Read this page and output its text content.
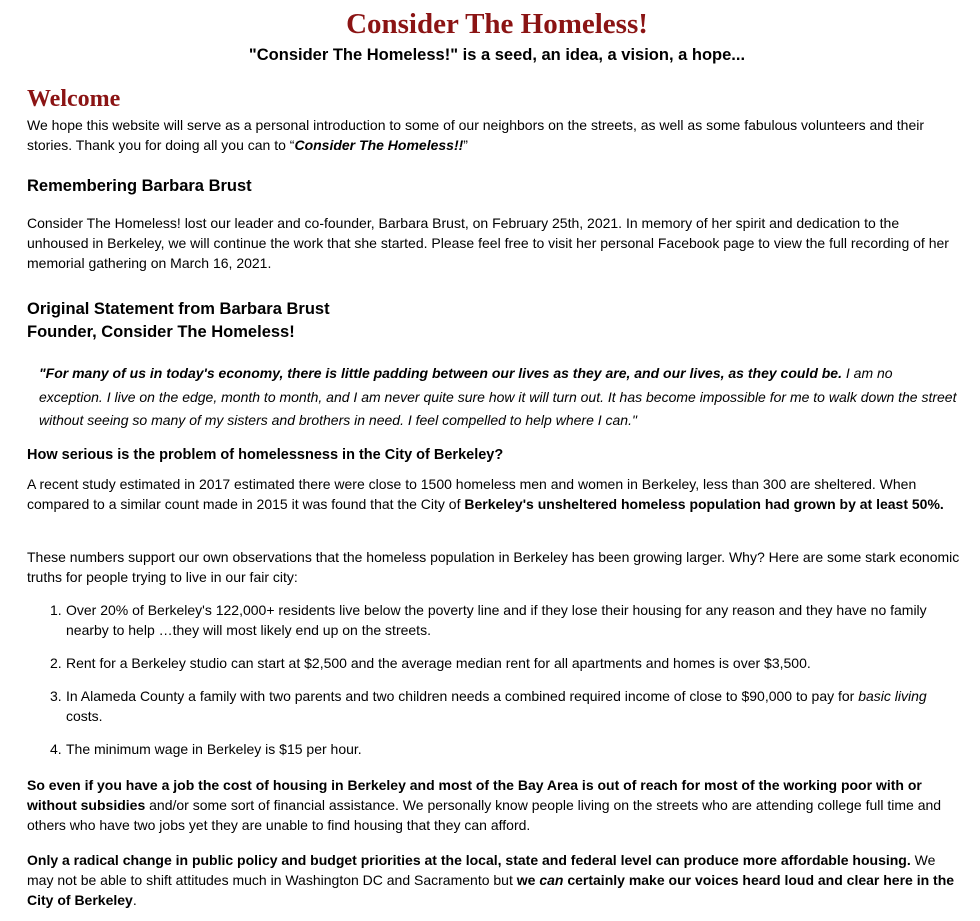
Consider The Homeless!
"Consider The Homeless!" is a seed, an idea, a vision, a hope...
Welcome

We hope this website will serve as a personal introduction to some of our neighbors on the streets, as well as some fabulous volunteers and their stories. Thank you for doing all you can to “Consider The Homeless!!”

Remembering Barbara Brust

Consider The Homeless! lost our leader and co-founder, Barbara Brust, on February 25th, 2021. In memory of her spirit and dedication to the unhoused in Berkeley, we will continue the work that she started. Please feel free to visit her personal Facebook page to view the full recording of her memorial gathering on March 16, 2021.

Original Statement from Barbara Brust
Founder, Consider The Homeless!

"For many of us in today's economy, there is little padding between our lives as they are, and our lives, as they could be. I am no exception. I live on the edge, month to month, and I am never quite sure how it will turn out. It has become impossible for me to walk down the street without seeing so many of my sisters and brothers in need. I feel compelled to help where I can."

How serious is the problem of homelessness in the City of Berkeley?

A recent study estimated in 2017 estimated there were close to 1500 homeless men and women in Berkeley, less than 300 are sheltered. When compared to a similar count made in 2015 it was found that the City of Berkeley's unsheltered homeless population had grown by at least 50%.

These numbers support our own observations that the homeless population in Berkeley has been growing larger. Why? Here are some stark economic truths for people trying to live in our fair city:

1. Over 20% of Berkeley's 122,000+ residents live below the poverty line and if they lose their housing for any reason and they have no family nearby to help …they will most likely end up on the streets.
2. Rent for a Berkeley studio can start at $2,500 and the average median rent for all apartments and homes is over $3,500.
3. In Alameda County a family with two parents and two children needs a combined required income of close to $90,000 to pay for basic living costs.
4. The minimum wage in Berkeley is $15 per hour.

So even if you have a job the cost of housing in Berkeley and most of the Bay Area is out of reach for most of the working poor with or without subsidies and/or some sort of financial assistance. We personally know people living on the streets who are attending college full time and others who have two jobs yet they are unable to find housing that they can afford.

Only a radical change in public policy and budget priorities at the local, state and federal level can produce more affordable housing. We may not be able to shift attitudes much in Washington DC and Sacramento but we can certainly make our voices heard loud and clear here in the City of Berkeley.
